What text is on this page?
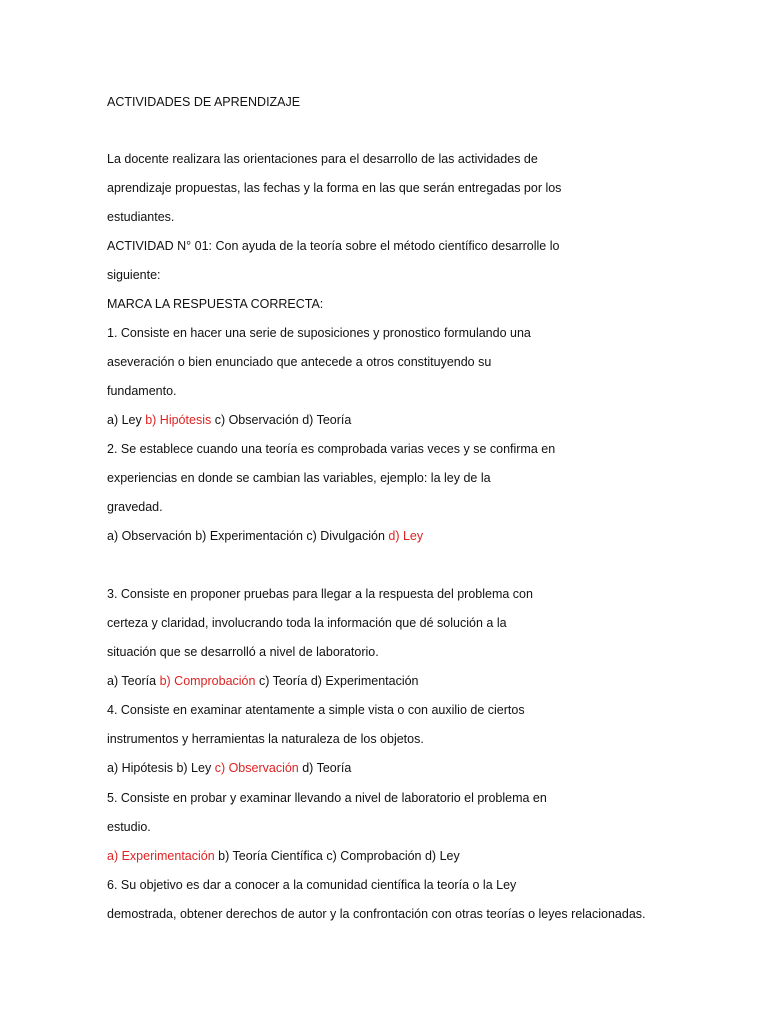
ACTIVIDADES DE APRENDIZAJE
La docente realizara las orientaciones para el desarrollo de las actividades de
aprendizaje propuestas, las fechas y la forma en las que serán entregadas por los
estudiantes.
ACTIVIDAD N° 01: Con ayuda de la teoría sobre el método científico desarrolle lo
siguiente:
MARCA LA RESPUESTA CORRECTA:
1. Consiste en hacer una serie de suposiciones y pronostico formulando una
aseveración o bien enunciado que antecede a otros constituyendo su
fundamento.
a) Ley b) Hipótesis c) Observación d) Teoría
2. Se establece cuando una teoría es comprobada varias veces y se confirma en
experiencias en donde se cambian las variables, ejemplo: la ley de la
gravedad.
a) Observación b) Experimentación c) Divulgación d) Ley
3. Consiste en proponer pruebas para llegar a la respuesta del problema con
certeza y claridad, involucrando toda la información que dé solución a la
situación que se desarrolló a nivel de laboratorio.
a) Teoría b) Comprobación c) Teoría d) Experimentación
4. Consiste en examinar atentamente a simple vista o con auxilio de ciertos
instrumentos y herramientas la naturaleza de los objetos.
a) Hipótesis b) Ley c) Observación d) Teoría
5. Consiste en probar y examinar llevando a nivel de laboratorio el problema en
estudio.
a) Experimentación b) Teoría Científica c) Comprobación d) Ley
6. Su objetivo es dar a conocer a la comunidad científica la teoría o la Ley
demostrada, obtener derechos de autor y la confrontación con otras teorías o leyes relacionadas.
